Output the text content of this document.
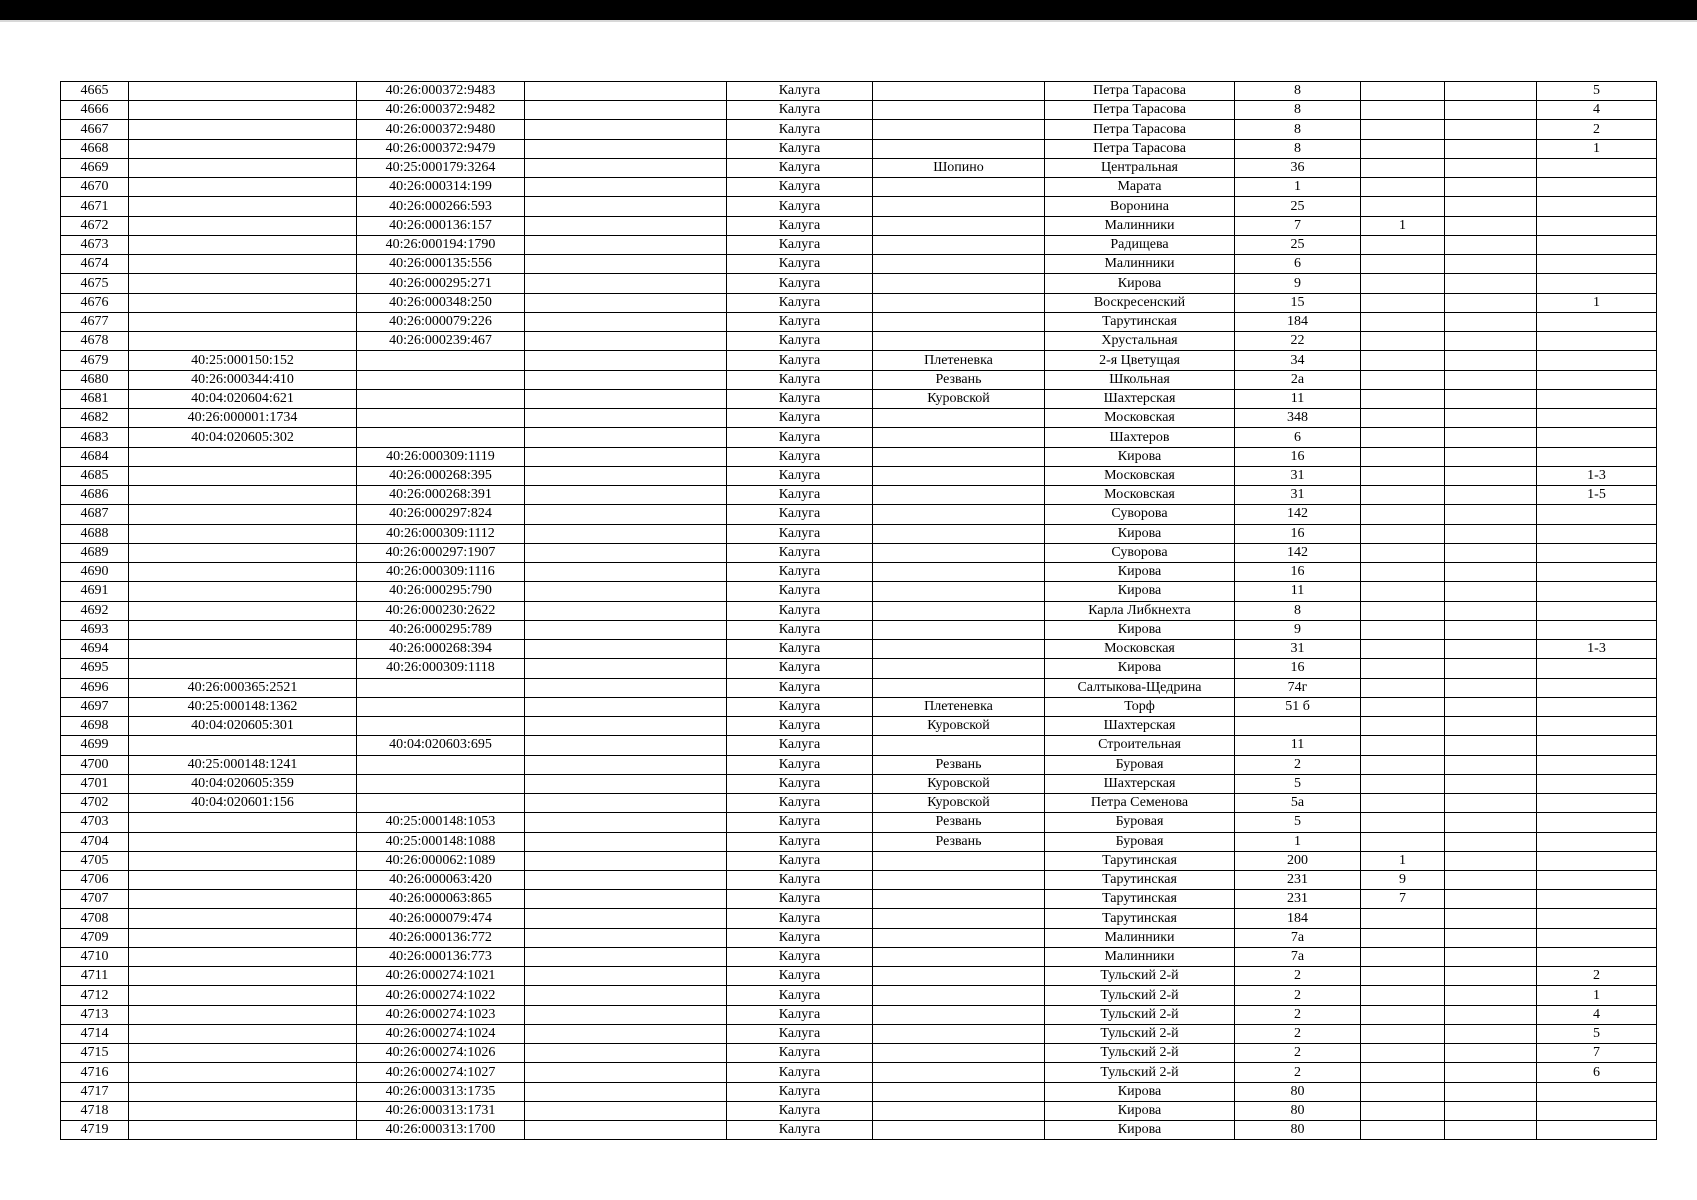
4665		40:26:000372:9483		Калуга		Петра Тарасова	8			5
4666		40:26:000372:9482		Калуга		Петра Тарасова	8			4
4667		40:26:000372:9480		Калуга		Петра Тарасова	8			2
4668		40:26:000372:9479		Калуга		Петра Тарасова	8			1
4669		40:25:000179:3264		Калуга	Шопино	Центральная	36			
4670		40:26:000314:199		Калуга		Марата	1			
4671		40:26:000266:593		Калуга		Воронина	25			
4672		40:26:000136:157		Калуга		Малинники	7	1		
4673		40:26:000194:1790		Калуга		Радищева	25			
4674		40:26:000135:556		Калуга		Малинники	6			
4675		40:26:000295:271		Калуга		Кирова	9			
4676		40:26:000348:250		Калуга		Воскресенский	15			1
4677		40:26:000079:226		Калуга		Тарутинская	184			
4678		40:26:000239:467		Калуга		Хрустальная	22			
4679	40:25:000150:152			Калуга	Плетеневка	2-я Цветущая	34			
4680	40:26:000344:410			Калуга	Резвань	Школьная	2а			
4681	40:04:020604:621			Калуга	Куровской	Шахтерская	11			
4682	40:26:000001:1734			Калуга		Московская	348			
4683	40:04:020605:302			Калуга		Шахтеров	6			
4684		40:26:000309:1119		Калуга		Кирова	16			
4685		40:26:000268:395		Калуга		Московская	31			1-3
4686		40:26:000268:391		Калуга		Московская	31			1-5
4687		40:26:000297:824		Калуга		Суворова	142			
4688		40:26:000309:1112		Калуга		Кирова	16			
4689		40:26:000297:1907		Калуга		Суворова	142			
4690		40:26:000309:1116		Калуга		Кирова	16			
4691		40:26:000295:790		Калуга		Кирова	11			
4692		40:26:000230:2622		Калуга		Карла Либкнехта	8			
4693		40:26:000295:789		Калуга		Кирова	9			
4694		40:26:000268:394		Калуга		Московская	31			1-3
4695		40:26:000309:1118		Калуга		Кирова	16			
4696	40:26:000365:2521			Калуга		Салтыкова-Щедрина	74г			
4697	40:25:000148:1362			Калуга	Плетеневка	Торф	51 б			
4698	40:04:020605:301			Калуга	Куровской	Шахтерская				
4699		40:04:020603:695		Калуга		Строительная	11			
4700	40:25:000148:1241			Калуга	Резвань	Буровая	2			
4701	40:04:020605:359			Калуга	Куровской	Шахтерская	5			
4702	40:04:020601:156			Калуга	Куровской	Петра Семенова	5а			
4703		40:25:000148:1053		Калуга	Резвань	Буровая	5			
4704		40:25:000148:1088		Калуга	Резвань	Буровая	1			
4705		40:26:000062:1089		Калуга		Тарутинская	200	1		
4706		40:26:000063:420		Калуга		Тарутинская	231	9		
4707		40:26:000063:865		Калуга		Тарутинская	231	7		
4708		40:26:000079:474		Калуга		Тарутинская	184			
4709		40:26:000136:772		Калуга		Малинники	7а			
4710		40:26:000136:773		Калуга		Малинники	7а			
4711		40:26:000274:1021		Калуга		Тульский 2-й	2			2
4712		40:26:000274:1022		Калуга		Тульский 2-й	2			1
4713		40:26:000274:1023		Калуга		Тульский 2-й	2			4
4714		40:26:000274:1024		Калуга		Тульский 2-й	2			5
4715		40:26:000274:1026		Калуга		Тульский 2-й	2			7
4716		40:26:000274:1027		Калуга		Тульский 2-й	2			6
4717		40:26:000313:1735		Калуга		Кирова	80			
4718		40:26:000313:1731		Калуга		Кирова	80			
4719		40:26:000313:1700		Калуга		Кирова	80			
